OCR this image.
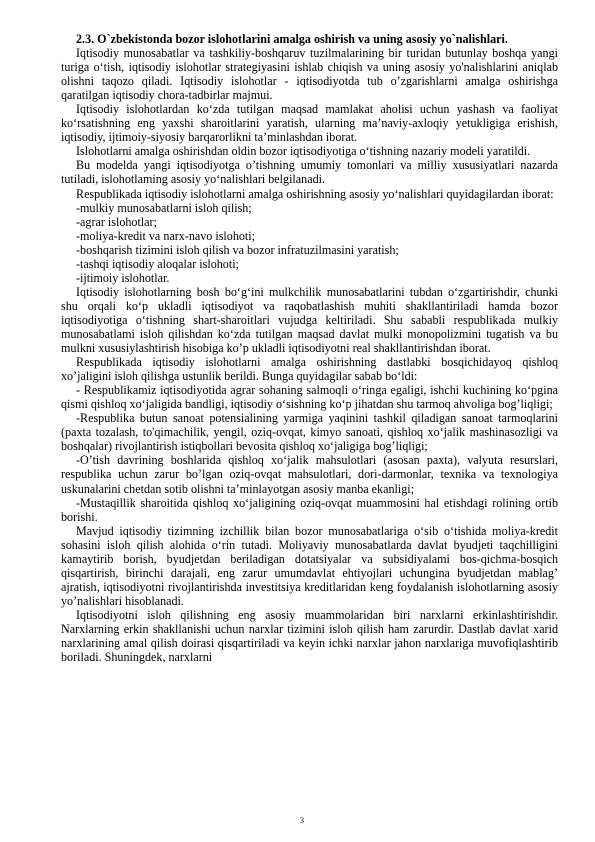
2.3. O`zbekistonda bozor islohotlarini amalga oshirish va uning asosiy yo`nalishlari.

Iqtisodiy munosabatlar va tashkiliy-boshqaruv tuzilmalarining bir turidan butunlay boshqa yangi turiga o‘tish, iqtisodiy islohotlar strategiyasini ishlab chiqish va uning asosiy yo'nalishlarini aniqlab olishni taqozo qiladi. Iqtisodiy islohotlar - iqtisodiyotda tub o’zgarishlarni amalga oshirishga qaratilgan iqtisodiy chora-tadbirlar majmui.

Iqtisodiy islohotlardan ko‘zda tutilgan maqsad mamlakat aholisi uchun yashash va faoliyat ko‘rsatishning eng yaxshi sharoitlarini yaratish, ularning ma’naviy-axloqiy yetukligiga erishish, iqtisodiy, ijtimoiy-siyosiy barqarorlikni ta’minlashdan iborat.

Islohotlarni amalga oshirishdan oldin bozor iqtisodiyotiga o‘tishning nazariy modeli yaratildi.

Bu modelda yangi iqtisodiyotga o’tishning umumiy tomonlari va milliy xususiyatlari nazarda tutiladi, islohotlaming asosiy yo‘nalishlari belgilanadi.

Respublikada iqtisodiy islohotlarni amalga oshirishning asosiy yo‘nalishlari quyidagilardan iborat:

-mulkiy munosabatlarni isloh qilish;

-agrar islohotlar;

-moliya-kredit va narx-navo islohoti;

-boshqarish tizimini isloh qilish va bozor infratuzilmasini yaratish;

-tashqi iqtisodiy aloqalar islohoti;

-ijtimoiy islohotlar.

Iqtisodiy islohotlarning bosh bo‘g‘ini mulkchilik munosabatlarini tubdan o‘zgartirishdir, chunki shu orqali ko‘p ukladli iqtisodiyot va raqobatlashish muhiti shakllantiriladi hamda bozor iqtisodiyotiga o‘tishning shart-sharoitlari vujudga keltiriladi. Shu sababli respublikada mulkiy munosabatlami isloh qilishdan ko‘zda tutilgan maqsad davlat mulki monopolizmini tugatish va bu mulkni xususiylashtirish hisobiga ko’p ukladli iqtisodiyotni real shakllantirishdan iborat.

Respublikada iqtisodiy islohotlarni amalga oshirishning dastlabki bosqichidayoq qishloq xo’jaligini isloh qilishga ustunlik berildi. Bunga quyidagilar sabab bo‘ldi:

- Respublikamiz iqtisodiyotida agrar sohaning salmoqli o‘ringa egaligi, ishchi kuchining ko‘pgina qismi qishloq xo‘jaligida bandligi, iqtisodiy o‘sishning ko‘p jihatdan shu tarmoq ahvoliga bog’liqligi;

-Respublika butun sanoat potensialining yarmiga yaqinini tashkil qiladigan sanoat tarmoqlarini (paxta tozalash, to'qimachilik, yengil, oziq-ovqat, kimyo sanoati, qishloq xo‘jalik mashinasozligi va boshqalar) rivojlantirish istiqbollari bevosita qishloq xo‘jaligiga bog’liqligi;

-O’tish davrining boshlarida qishloq xo‘jalik mahsulotlari (asosan paxta), valyuta resurslari, respublika uchun zarur bo’lgan oziq-ovqat mahsulotlari, dori-darmonlar, texnika va texnologiya uskunalarini chetdan sotib olishni ta’minlayotgan asosiy manba ekanligi;

-Mustaqillik sharoitida qishloq xo‘jaligining oziq-ovqat muammosini hal etishdagi rolining ortib borishi.

Mavjud iqtisodiy tizimning izchillik bilan bozor munosabatlariga o‘sib o‘tishida moliya-kredit sohasini isloh qilish alohida o‘rin tutadi. Moliyaviy munosabatlarda davlat byudjeti taqchilligini kamaytirib borish, byudjetdan beriladigan dotatsiyalar va subsidiyalami bos-qichma-bosqich qisqartirish, birinchi darajali, eng zarur umumdavlat ehtiyojlari uchungina byudjetdan mablag’ ajratish, iqtisodiyotni rivojlantirishda investitsiya kreditlaridan keng foydalanish islohotlarning asosiy yo’nalishlari hisoblanadi.

Iqtisodiyotni isloh qilishning eng asosiy muammolaridan biri narxlarni erkinlashtirishdir. Narxlarning erkin shakllanishi uchun narxlar tizimini isloh qilish ham zarurdir. Dastlab davlat xarid narxlarining amal qilish doirasi qisqartiriladi va keyin ichki narxlar jahon narxlariga muvofiqlashtirib boriladi. Shuningdek, narxlarni

3
